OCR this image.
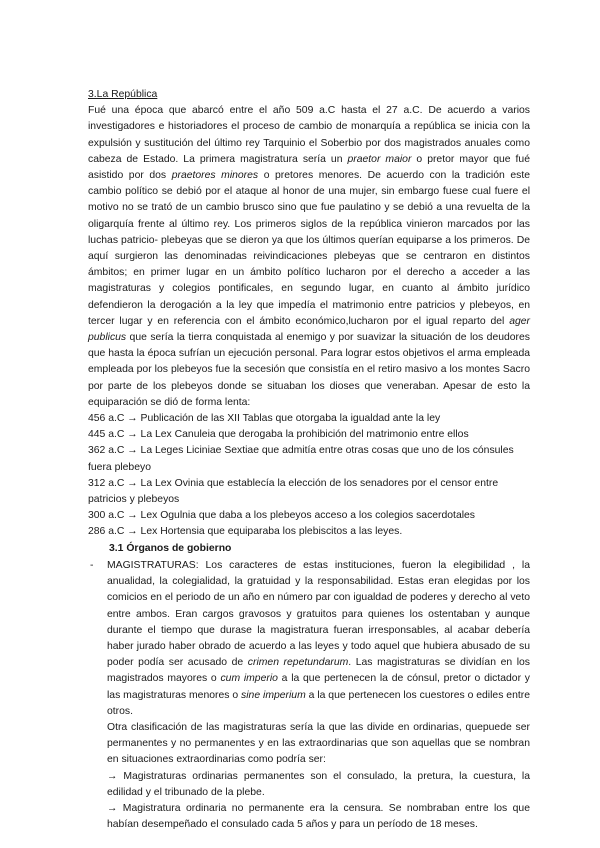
3.La República

Fué una época que abarcó entre el año 509 a.C hasta el 27 a.C. De acuerdo a varios investigadores e historiadores el proceso de cambio de monarquía a república se inicia con la expulsión y sustitución del último rey Tarquinio el Soberbio por dos magistrados anuales como cabeza de Estado. La primera magistratura sería un praetor maior o pretor mayor que fué asistido por dos praetores minores o pretores menores. De acuerdo con la tradición este cambio político se debió por el ataque al honor de una mujer, sin embargo fuese cual fuere el motivo no se trató de un cambio brusco sino que fue paulatino y se debió a una revuelta de la oligarquía frente al último rey. Los primeros siglos de la república vinieron marcados por las luchas patricio- plebeyas que se dieron ya que los últimos querían equiparse a los primeros. De aquí surgieron las denominadas reivindicaciones plebeyas que se centraron en distintos ámbitos; en primer lugar en un ámbito político lucharon por el derecho a acceder a las magistraturas y colegios pontificales, en segundo lugar, en cuanto al ámbito jurídico defendieron la derogación a la ley que impedía el matrimonio entre patricios y plebeyos, en tercer lugar y en referencia con el ámbito económico,lucharon por el igual reparto del ager publicus que sería la tierra conquistada al enemigo y por suavizar la situación de los deudores que hasta la época sufrían un ejecución personal. Para lograr estos objetivos el arma empleada empleada por los plebeyos fue la secesión que consistía en el retiro masivo a los montes Sacro por parte de los plebeyos donde se situaban los dioses que veneraban. Apesar de esto la equiparación se dió de forma lenta:

456 a.C → Publicación de las XII Tablas que otorgaba la igualdad ante la ley
445 a.C → La Lex Canuleia que derogaba la prohibición del matrimonio entre ellos
362 a.C → La Leges Liciniae Sextiae que admitía entre otras cosas que uno de los cónsules fuera plebeyo
312 a.C → La Lex Ovinia que establecía la elección de los senadores por el censor entre patricios y plebeyos
300 a.C → Lex Ogulnia que daba a los plebeyos acceso a los colegios sacerdotales
286 a.C → Lex Hortensia que equiparaba los plebiscitos a las leyes.
3.1 Órganos de gobierno
- MAGISTRATURAS: Los caracteres de estas instituciones, fueron la elegibilidad , la anualidad, la colegialidad, la gratuidad y la responsabilidad. Estas eran elegidas por los comicios en el periodo de un año en número par con igualdad de poderes y derecho al veto entre ambos. Eran cargos gravosos y gratuitos para quienes los ostentaban y aunque durante el tiempo que durase la magistratura fueran irresponsables, al acabar debería haber jurado haber obrado de acuerdo a las leyes y todo aquel que hubiera abusado de su poder podía ser acusado de crimen repetundarum. Las magistraturas se dividían en los magistrados mayores o cum imperio a la que pertenecen la de cónsul, pretor o dictador y las magistraturas menores o sine imperium a la que pertenecen los cuestores o ediles entre otros.

Otra clasificación de las magistraturas sería la que las divide en ordinarias, quepuede ser permanentes y no permanentes y en las extraordinarias que son aquellas que se nombran en situaciones extraordinarias como podría ser:

→ Magistraturas ordinarias permanentes son el consulado, la pretura, la cuestura, la edilidad y el tribunado de la plebe.

→ Magistratura ordinaria no permanente era la censura. Se nombraban entre los que habían desempeñado el consulado cada 5 años y para un período de 18 meses.
